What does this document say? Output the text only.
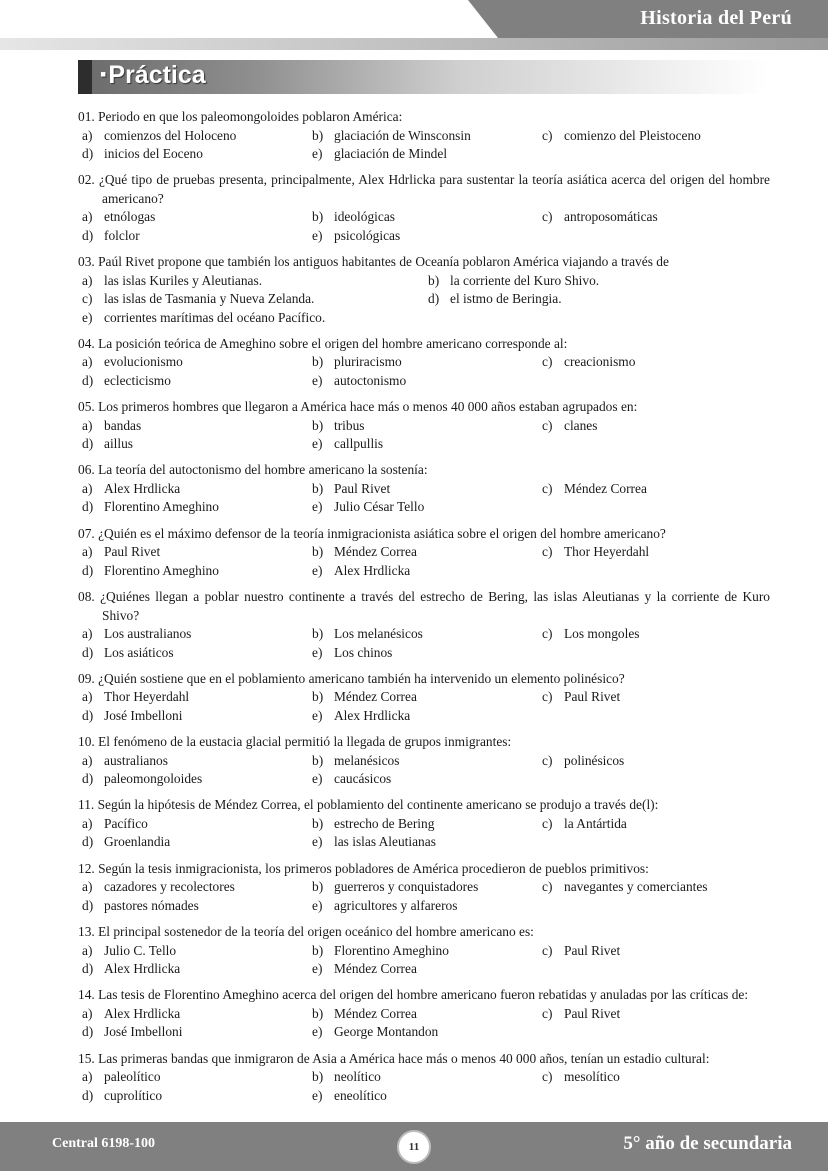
Historia del Perú
▪Práctica
01. Periodo en que los paleomongoloides poblaron América:
a) comienzos del Holoceno	b) glaciación de Winsconsin	c) comienzo del Pleistoceno
d) inicios del Eoceno	e) glaciación de Mindel
02. ¿Qué tipo de pruebas presenta, principalmente, Alex Hdrlicka para sustentar la teoría asiática acerca del origen del hombre americano?
a) etnólogas	b) ideológicas	c) antroposomáticas
d) folclor	e) psicológicas
03. Paúl Rivet propone que también los antiguos habitantes de Oceanía poblaron América viajando a través de
a) las islas Kuriles y Aleutianas.	b) la corriente del Kuro Shivo.
c) las islas de Tasmania y Nueva Zelanda.	d) el istmo de Beringia.
e) corrientes marítimas del océano Pacífico.
04. La posición teórica de Ameghino sobre el origen del hombre americano corresponde al:
a) evolucionismo	b) pluriracismo	c) creacionismo
d) eclecticismo	e) autoctonismo
05. Los primeros hombres que llegaron a América hace más o menos 40 000 años estaban agrupados en:
a) bandas	b) tribus	c) clanes
d) aillus	e) callpullis
06. La teoría del autoctonismo del hombre americano la sostenía:
a) Alex Hrdlicka	b) Paul Rivet	c) Méndez Correa
d) Florentino Ameghino	e) Julio César Tello
07. ¿Quién es el máximo defensor de la teoría inmigracionista asiática sobre el origen del hombre americano?
a) Paul Rivet	b) Méndez Correa	c) Thor Heyerdahl
d) Florentino Ameghino	e) Alex Hrdlicka
08. ¿Quiénes llegan a poblar nuestro continente a través del estrecho de Bering, las islas Aleutianas y la corriente de Kuro Shivo?
a) Los australianos	b) Los melanésicos	c) Los mongoles
d) Los asiáticos	e) Los chinos
09. ¿Quién sostiene que en el poblamiento americano también ha intervenido un elemento polinésico?
a) Thor Heyerdahl	b) Méndez Correa	c) Paul Rivet
d) José Imbelloni	e) Alex Hrdlicka
10. El fenómeno de la eustacia glacial permitió la llegada de grupos inmigrantes:
a) australianos	b) melanésicos	c) polinésicos
d) paleomongoloides	e) caucásicos
11. Según la hipótesis de Méndez Correa, el poblamiento del continente americano se produjo a través de(l):
a) Pacífico	b) estrecho de Bering	c) la Antártida
d) Groenlandia	e) las islas Aleutianas
12. Según la tesis inmigracionista, los primeros pobladores de América procedieron de pueblos primitivos:
a) cazadores y recolectores	b) guerreros y conquistadores	c) navegantes y comerciantes
d) pastores nómades	e) agricultores y alfareros
13. El principal sostenedor de la teoría del origen oceánico del hombre americano es:
a) Julio C. Tello	b) Florentino Ameghino	c) Paul Rivet
d) Alex Hrdlicka	e) Méndez Correa
14. Las tesis de Florentino Ameghino acerca del origen del hombre americano fueron rebatidas y anuladas por las críticas de:
a) Alex Hrdlicka	b) Méndez Correa	c) Paul Rivet
d) José Imbelloni	e) George Montandon
15. Las primeras bandas que inmigraron de Asia a América hace más o menos 40 000 años, tenían un estadio cultural:
a) paleolítico	b) neolítico	c) mesolítico
d) cuprolítico	e) eneolítico
Central 6198-100	11	5° año de secundaria
